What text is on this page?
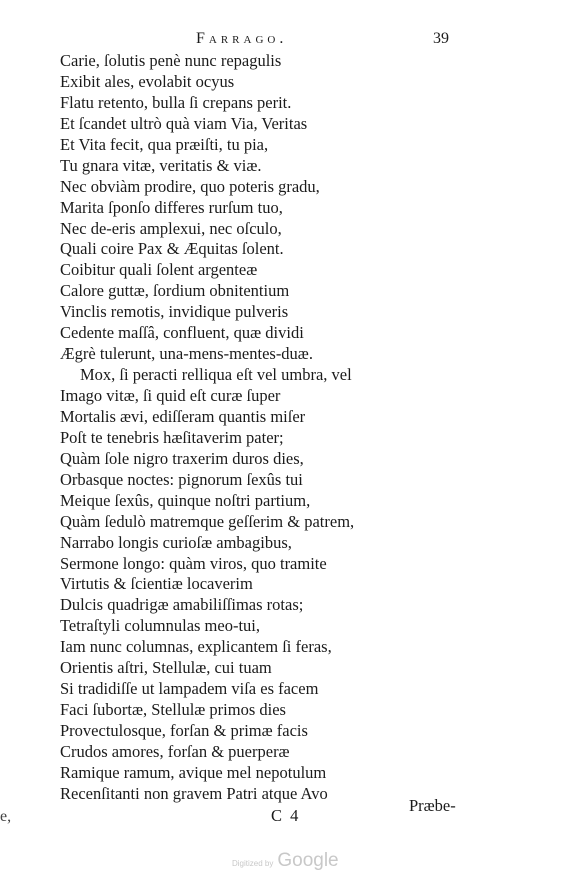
Farrago.	39
Carie, ſolutis penè nunc repagulis
Exibit ales, evolabit ocyus
Flatu retento, bulla ſi crepans perit.
Et ſcandet ultrò quà viam Via, Veritas
Et Vita fecit, qua præiſti, tu pia,
Tu gnara vitæ, veritatis & viæ.
Nec obviàm prodire, quo poteris gradu,
Marita ſponſo differes rurſum tuo,
Nec de-eris amplexui, nec oſculo,
Quali coire Pax & Æquitas ſolent.
Coibitur quali ſolent argenteæ
Calore guttæ, ſordium obnitentium
Vinclis remotis, invidique pulveris
Cedente maſſâ, confluent, quæ dividi
Ægrè tulerunt, una-mens-mentes-duæ.
Mox, ſi peracti relliqua eſt vel umbra, vel
Imago vitæ, ſi quid eſt curæ ſuper
Mortalis ævi, ediſſeram quantis miſer
Poſt te tenebris hæſitaverim pater;
Quàm ſole nigro traxerim duros dies,
Orbasque noctes: pignorum ſexûs tui
Meique ſexûs, quinque noſtri partium,
Quàm ſedulò matremque geſſerim & patrem,
Narrabo longis curioſæ ambagibus,
Sermone longo: quàm viros, quo tramite
Virtutis & ſcientiæ locaverim
Dulcis quadrigæ amabiliſſimas rotas;
Tetraſtyli columnulas meo-tui,
Iam nunc columnas, explicantem ſi feras,
Orientis aſtri, Stellulæ, cui tuam
Si tradidiſſe ut lampadem viſa es facem
Faci ſubortæ, Stellulæ primos dies
Provectulosque, forſan & primæ facis
Crudos amores, forſan & puerperæ
Ramique ramum, avique mel nepotulum
Recenſitanti non gravem Patri atque Avo
Præbe-
C 4
e,
Digitized by Google
